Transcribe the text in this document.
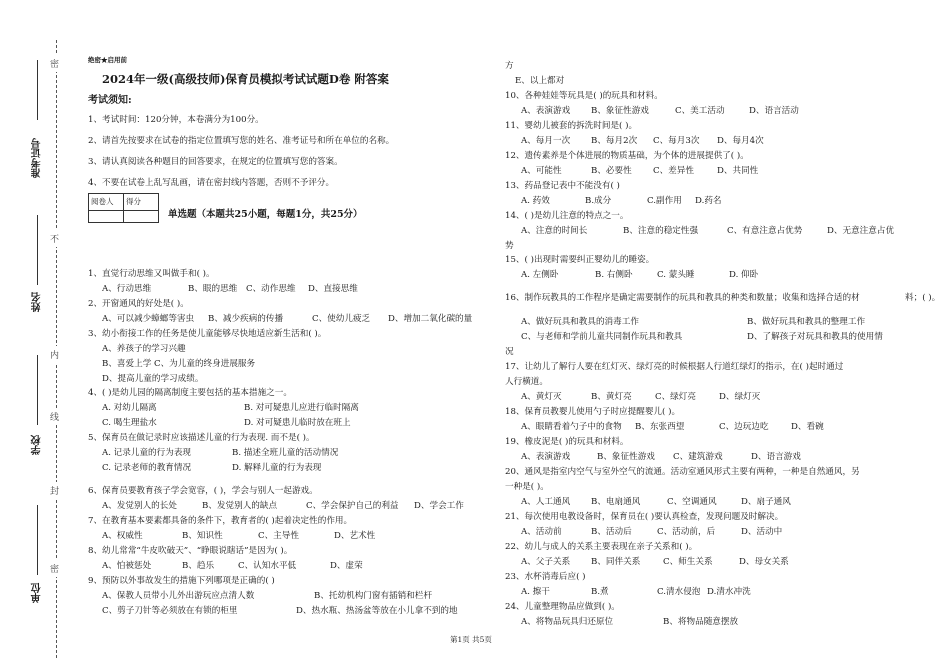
密
不
内
线
封
密
准考证号
姓名
学校
单位
绝密★启用前
2024年一级(高级技师)保育员模拟考试试题D卷 附答案
考试须知:
1、考试时间：120分钟，本卷满分为100分。
2、请首先按要求在试卷的指定位置填写您的姓名、准考证号和所在单位的名称。
3、请认真阅读各种题目的回答要求，在规定的位置填写您的答案。
4、不要在试卷上乱写乱画，请在密封线内答题，否则不予评分。
阅卷人	得分

单选题（本题共25小题，每题1分，共25分）
1、直觉行动思维又叫做手和( )。
A、行动思维	B、眼的思维 C、动作思维 D、直接思维
2、开窗通风的好处是( )。
A、可以减少蟑螂等害虫 B、减少疾病的传播	C、使幼儿疲乏 D、增加二氧化碳的量
3、幼小衔接工作的任务是使儿童能够尽快地适应新生活和( )。
A、养孩子的学习兴趣
B、喜爱上学 C、为儿童的终身进展服务
D、提高儿童的学习成绩。
4、( )是幼儿园的隔离制度主要包括的基本措施之一。
A. 对幼儿隔离	B. 对可疑患儿应进行临时隔离
C. 喝生理盐水	D. 对可疑患儿临时放在班上
5、保育员在做记录时应该描述儿童的行为表现. 而不是( )。
A. 记录儿童的行为表现	B. 描述全班儿童的活动情况
C. 记录老师的教育情况	D. 解释儿童的行为表现
6、保育员要教育孩子学会宽容，( )，学会与别人一起游戏。
A、发觉别人的长处	B、发觉别人的缺点	C、学会保护自己的利益 D、学会工作
7、在教育基本要素都具备的条件下，教育者的( )起着决定性的作用。
A、权威性	B、知识性	C、主导性	D、艺术性
8、幼儿常常“牛皮吹破天”、“睁眼说瞎话”是因为( )。
A、怕被惩处	B、趋乐	C、认知水平低	D、虚荣
9、预防以外事故发生的措施下列哪项是正确的( )
A、保教人员带小儿外出游玩应点清人数	B、托幼机构门窗有插销和栏杆
C、剪子刀针等必须放在有锁的柜里	D、热水瓶、热汤盆等放在小儿拿不到的地
方
E、以上都对
10、各种娃娃等玩具是( )的玩具和材料。
A、表演游戏 B、象征性游戏	C、美工活动	D、语言活动
11、婴幼儿被套的拆洗时间是( )。
A、每月一次 B、每月2次 C、每月3次 D、每月4次
12、遗传素养是个体进展的物质基础，为个体的进展提供了( )。
A、可能性	B、必要性 C、差异性	D、共同性
13、药品登记表中不能没有( )
A. 药效	B.成分	C.副作用 D.药名
14、( )是幼儿注意的特点之一。
A、注意的时间长	B、注意的稳定性强	C、有意注意占优势	D、无意注意占优
势
15、( )出现时需要纠正婴幼儿的睡姿。
A. 左侧卧	B. 右侧卧	C. 蒙头睡	D. 仰卧
16、制作玩教具的工作程序是确定需要制作的玩具和教具的种类和数量；收集和选择合适的材	料；( )。
A、做好玩具和教具的消毒工作	B、做好玩具和教具的整理工作
C、与老师和学前儿童共同制作玩具和教具	D、了解孩子对玩具和教具的使用情
况
17、让幼儿了解行人要在红灯灭、绿灯亮的时候根据人行道红绿灯的指示，在( )起时通过
人行横道。
A、黄灯灭	B、黄灯亮	C、绿灯亮	D、绿灯灭
18、保育员教婴儿使用勺子时应提醒婴儿( )。
A、眼睛看着勺子中的食物 B、东张西望	C、边玩边吃	D、看碗
19、橡皮泥是( )的玩具和材料。
A、表演游戏	B、象征性游戏 C、建筑游戏	D、语言游戏
20、通风是指室内空气与室外空气的流通。活动室通风形式主要有两种，一种是自然通风，另
一种是( )。
A、人工通风 B、电扇通风	C、空调通风	D、扇子通风
21、每次使用电教设备时，保育员在( )要认真检查，发现问题及时解决。
A、活动前	B、活动后	C、活动前，后	D、活动中
22、幼儿与成人的关系主要表现在亲子关系和( )。
A、父子关系 B、同伴关系	C、师生关系	D、母女关系
23、水杯消毒后应( )
A. 擦干	B.煮	C.清水侵泡 D.清水冲洗
24、儿童整理物品应做到( )。
A、将物品玩具归还原位	B、将物品随意摆放
第1页 共5页
